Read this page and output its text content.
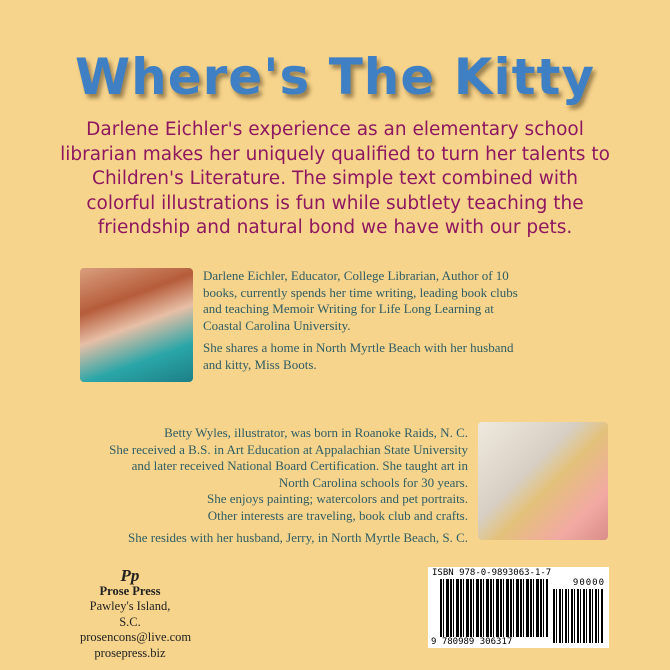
Where's The Kitty
Darlene Eichler's experience as an elementary school librarian makes her uniquely qualified to turn her talents to Children's Literature. The simple text combined with colorful illustrations is fun while subtlety teaching the friendship and natural bond we have with our pets.

Darlene Eichler, Educator, College Librarian, Author of 10 books, currently spends her time writing, leading book clubs and teaching Memoir Writing for Life Long Learning at Coastal Carolina University.

She shares a home in North Myrtle Beach with her husband and kitty, Miss Boots.

Betty Wyles, illustrator, was born in Roanoke Raids, N. C.
She received a B.S. in Art Education at Appalachian State University
and later received National Board Certification. She taught art in
North Carolina schools for 30 years.
She enjoys painting; watercolors and pet portraits.
Other interests are traveling, book club and crafts.
She resides with her husband, Jerry, in North Myrtle Beach, S. C.
Pp
Prose Press
Pawley's Island, S.C.
prosencons@live.com
prosepress.biz
ISBN 978-0-9893063-1-7
90000
9 780989 306317
